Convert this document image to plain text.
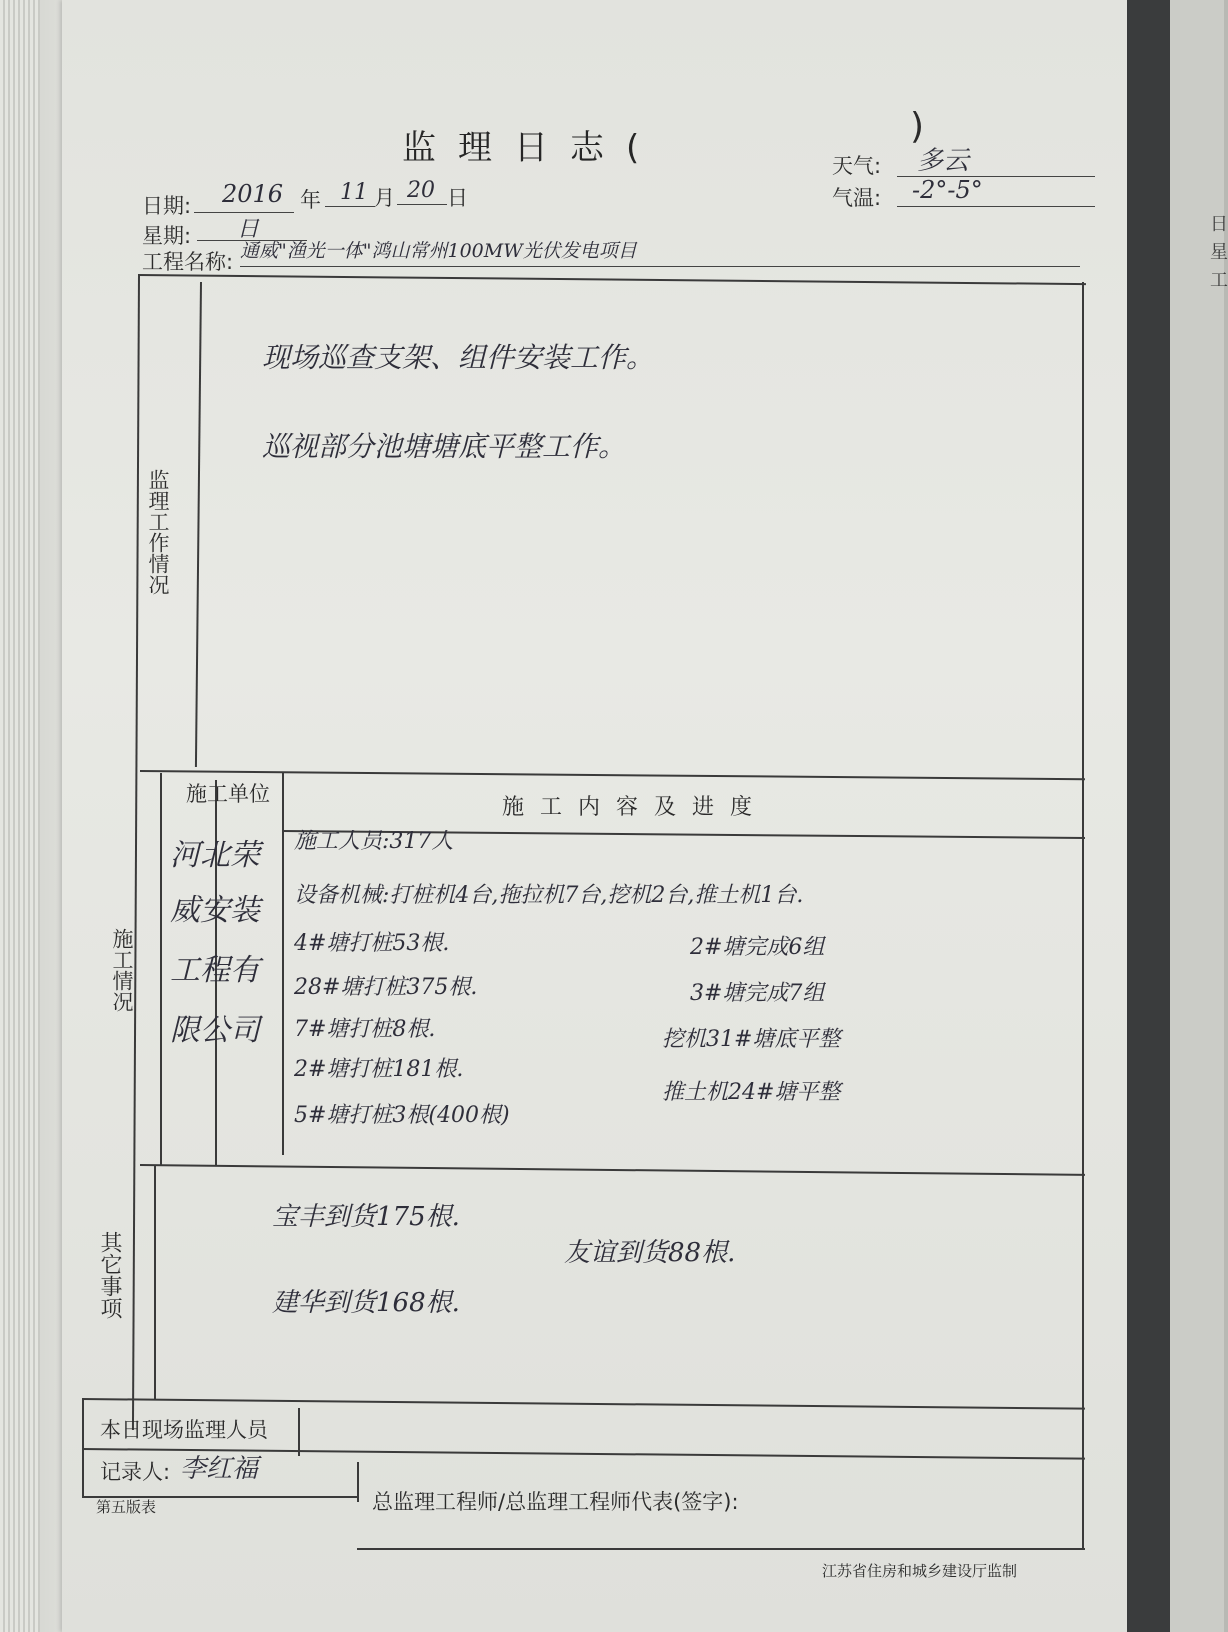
日
星
工
监理日志(
)
天气: 多云
气温: -2°-5°
日期: 2016 年 11 月 20 日
星期: 日
工程名称: 通威"渔光一体"鸿山常州100MW光伏发电项目
监理工作情况
现场巡查支架、组件安装工作。
巡视部分池塘塘底平整工作。
施工单位
施工内容及进度
施工情况
河北荣
威安装
工程有
限公司
施工人员:317人
设备机械:打桩机4台,拖拉机7台,挖机2台,推土机1台.
4#塘打桩53根.
28#塘打桩375根.
7#塘打桩8根.
2#塘打桩181根.
5#塘打桩3根(400根)
2#塘完成6组
3#塘完成7组
挖机31#塘底平整
推土机24#塘平整
其它事项
宝丰到货175根.
建华到货168根.
友谊到货88根.
本日现场监理人员
记录人: 李红福
总监理工程师/总监理工程师代表(签字):
第五版表
江苏省住房和城乡建设厅监制
